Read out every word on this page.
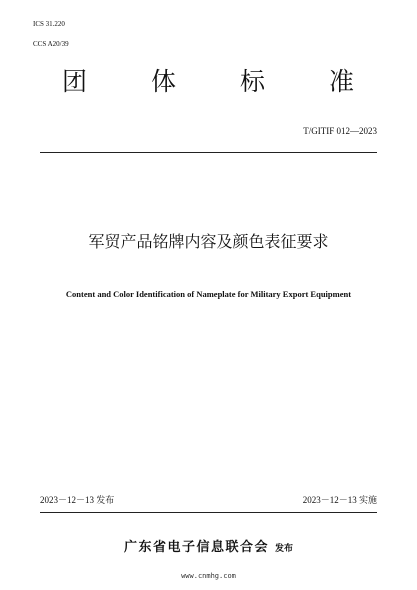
ICS 31.220
CCS A20/39
团	体	标	准
T/GITIF 012—2023
军贸产品铭牌内容及颜色表征要求
Content and Color Identification of Nameplate for Military Export Equipment
2023－12－13 发布	2023－12－13 实施
广东省电子信息联合会 发布
www.cnmhg.com
